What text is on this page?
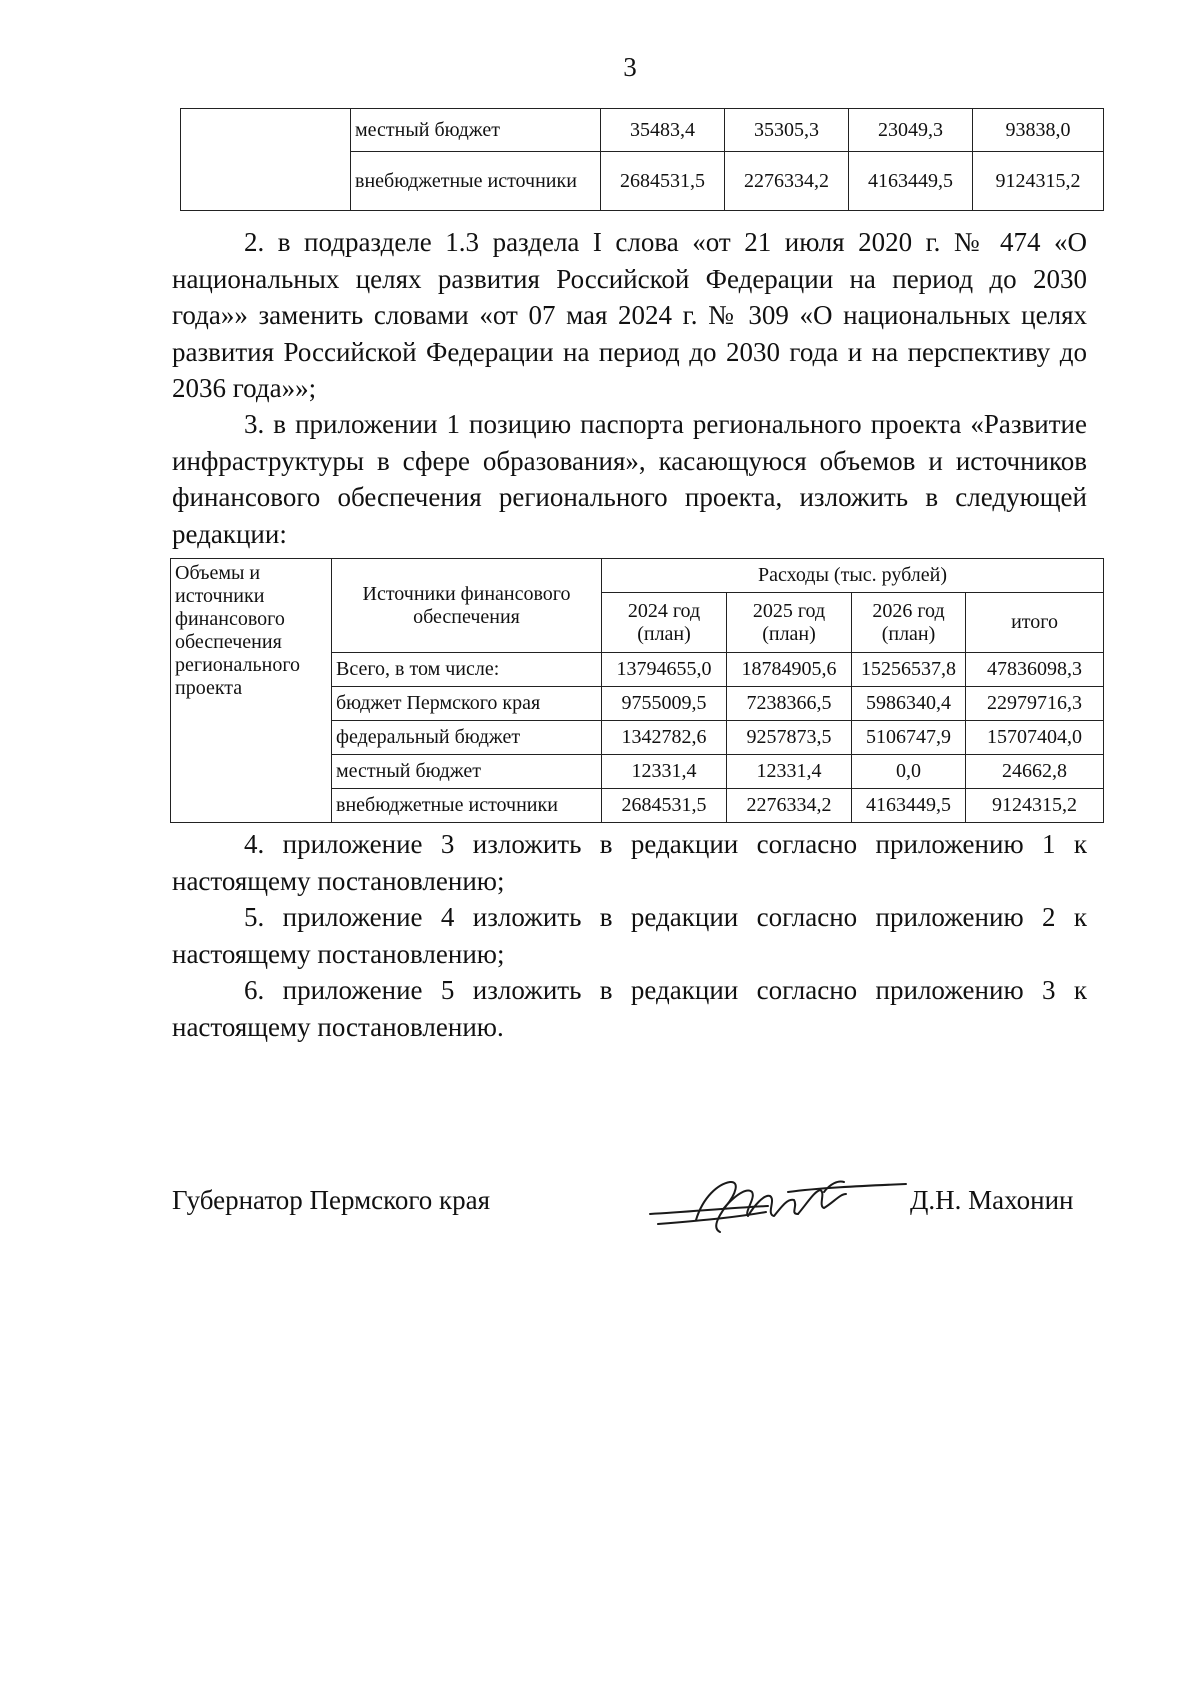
3
	местный бюджет	35483,4	35305,3	23049,3	93838,0
	внебюджетные источники	2684531,5	2276334,2	4163449,5	9124315,2
2. в подразделе 1.3 раздела I слова «от 21 июля 2020 г. № 474 «О национальных целях развития Российской Федерации на период до 2030 года»» заменить словами «от 07 мая 2024 г. № 309 «О национальных целях развития Российской Федерации на период до 2030 года и на перспективу до 2036 года»»;
3. в приложении 1 позицию паспорта регионального проекта «Развитие инфраструктуры в сфере образования», касающуюся объемов и источников финансового обеспечения регионального проекта, изложить в следующей редакции:
Объемы и источники финансового обеспечения регионального проекта	Источники финансового обеспечения	Расходы (тыс. рублей)			
		2024 год (план)	2025 год (план)	2026 год (план)	итого
	Всего, в том числе:	13794655,0	18784905,6	15256537,8	47836098,3
	бюджет Пермского края	9755009,5	7238366,5	5986340,4	22979716,3
	федеральный бюджет	1342782,6	9257873,5	5106747,9	15707404,0
	местный бюджет	12331,4	12331,4	0,0	24662,8
	внебюджетные источники	2684531,5	2276334,2	4163449,5	9124315,2
4. приложение 3 изложить в редакции согласно приложению 1 к настоящему постановлению;
5. приложение 4 изложить в редакции согласно приложению 2 к настоящему постановлению;
6. приложение 5 изложить в редакции согласно приложению 3 к настоящему постановлению.
Губернатор Пермского края	Д.Н. Махонин
